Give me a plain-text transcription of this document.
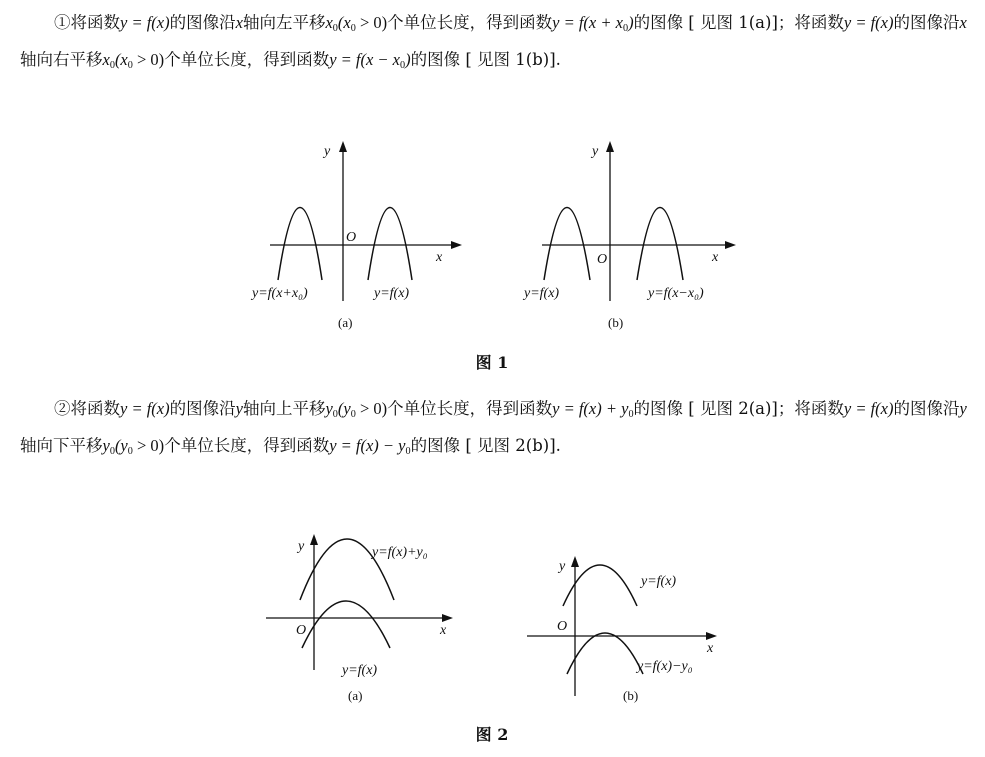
①将函数y = f(x)的图像沿x轴向左平移$x_0(x_0 > 0)$个单位长度，得到函数$y = f(x + x_0)$的图像 [ 见图 1(a)]；将函数y = f(x)的图像沿x轴向右平移$x_0(x_0 > 0)$个单位长度，得到函数$y = f(x - x_0)$的图像 [ 见图 1(b)].

y
x
O
y=f(x+x₀)	y=f(x)
(a)
y
x
O
y=f(x)	y=f(x−x₀)
(b)
图 1

②将函数y = f(x)的图像沿y轴向上平移$y_0(y_0 > 0)$个单位长度，得到函数$y = f(x) + y_0$的图像 [ 见图 2(a)]；将函数y = f(x)的图像沿y轴向下平移$y_0(y_0 > 0)$个单位长度，得到函数$y = f(x) - y_0$的图像 [ 见图 2(b)].

y
x
O
y=f(x)+y₀
y=f(x)
(a)
y
x
O
y=f(x)
y=f(x)−y₀
(b)
图 2
